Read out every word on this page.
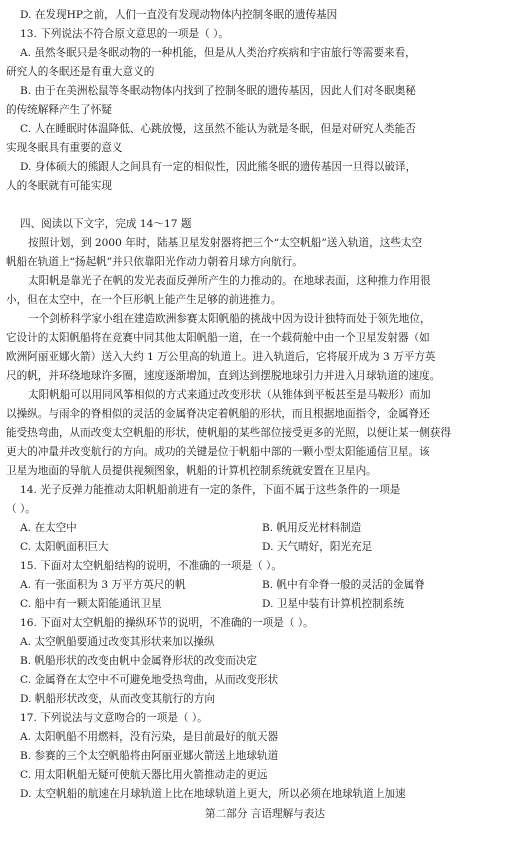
D. 在发现HP之前，人们一直没有发现动物体内控制冬眠的遗传基因
13. 下列说法不符合原文意思的一项是（ ）。
A. 虽然冬眠只是冬眠动物的一种机能，但是从人类治疗疾病和宇宙旅行等需要来看，
研究人的冬眠还是有重大意义的
B. 由于在美洲松鼠等冬眠动物体内找到了控制冬眠的遗传基因，因此人们对冬眠奥秘
的传统解释产生了怀疑
C. 人在睡眠时体温降低、心跳放慢，这虽然不能认为就是冬眠，但是对研究人类能否
实现冬眠具有重要的意义
D. 身体硕大的熊跟人之间具有一定的相似性，因此熊冬眠的遗传基因一旦得以破译，
人的冬眠就有可能实现
四、阅读以下文字，完成 14～17 题
按照计划，到 2000 年时，陆基卫星发射器将把三个“太空帆船”送入轨道，这些太空
帆船在轨道上“扬起帆”并只依靠阳光作动力朝着月球方向航行。
太阳帆是靠光子在帆的发光表面反弹所产生的力推动的。在地球表面，这种推力作用很
小，但在太空中，在一个巨形帆上能产生足够的前进推力。
一个剑桥科学家小组在建造欧洲参赛太阳帆船的挑战中因为设计独特而处于领先地位，
它设计的太阳帆船将在竞赛中同其他太阳帆船一道，在一个载荷舱中由一个卫星发射器（如
欧洲阿丽亚娜火箭）送入大约 1 万公里高的轨道上。进入轨道后，它将展开成为 3 万平方英
尺的帆，并环绕地球许多圈，速度逐渐增加，直到达到摆脱地球引力并进入月球轨道的速度。
太阳帆船可以用同风筝相似的方式来通过改变形状（从锥体到平板甚至是马鞍形）而加
以操纵。与雨伞的脊相似的灵活的金属脊决定着帆船的形状，而且根据地面指令，金属脊还
能受热弯曲，从而改变太空帆船的形状，使帆船的某些部位接受更多的光照，以便让某一侧获得
更大的冲量并改变航行的方向。成功的关键是位于帆船中部的一颗小型太阳能通信卫星。该
卫星为地面的导航人员提供视频图象，帆船的计算机控制系统就安置在卫星内。
14. 光子反弹力能推动太阳帆船前进有一定的条件，下面不属于这些条件的一项是
（ ）。
A. 在太空中	B. 帆用反光材料制造
C. 太阳帆面积巨大	D. 天气晴好，阳光充足
15. 下面对太空帆船结构的说明，不准确的一项是（ ）。
A. 有一张面积为 3 万平方英尺的帆	B. 帆中有伞脊一般的灵活的金属脊
C. 船中有一颗太阳能通讯卫星	D. 卫星中装有计算机控制系统
16. 下面对太空帆船的操纵环节的说明，不准确的一项是（ ）。
A. 太空帆船要通过改变其形状来加以操纵
B. 帆船形状的改变由帆中金属脊形状的改变而决定
C. 金属脊在太空中不可避免地受热弯曲，从而改变形状
D. 帆船形状改变，从而改变其航行的方向
17. 下列说法与文意吻合的一项是（ ）。
A. 太阳帆船不用燃料，没有污染，是目前最好的航天器
B. 参赛的三个太空帆船将由阿丽亚娜火箭送上地球轨道
C. 用太阳帆船无疑可使航天器比用火箭推动走的更远
D. 太空帆船的航速在月球轨道上比在地球轨道上更大，所以必须在地球轨道上加速
第二部分 言语理解与表达
